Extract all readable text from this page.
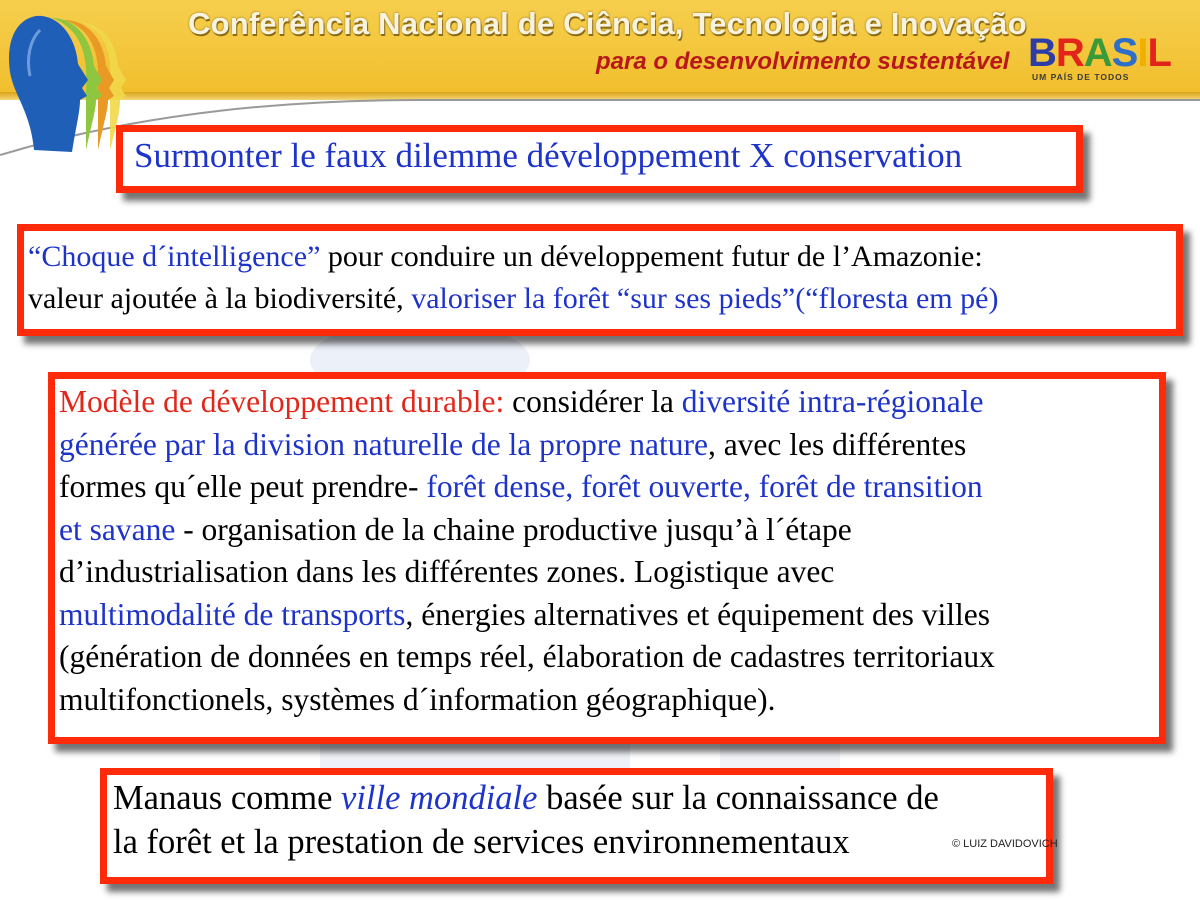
Conferência Nacional de Ciência, Tecnologia e Inovação
para o desenvolvimento sustentável BRASIL
UM PAÍS DE TODOS

Surmonter le faux dilemme développement X conservation

“Choque d´intelligence” pour conduire un développement futur de l’Amazonie:

valeur ajoutée à la biodiversité, valoriser la forêt “sur ses pieds”(“floresta em pé)

Modèle de développement durable: considérer la diversité intra-régionale

générée par la division naturelle de la propre nature, avec les différentes

formes qu´elle peut prendre- forêt dense, forêt ouverte, forêt de transition

et savane - organisation de la chaine productive jusqu’à l´étape

d’industrialisation dans les différentes zones. Logistique avec

multimodalité de transports, énergies alternatives et équipement des villes

(génération de données en temps réel, élaboration de cadastres territoriaux

multifonctionels, systèmes d´information géographique).

Manaus comme ville mondiale basée sur la connaissance de

la forêt et la prestation de services environnementaux	© LUIZ DAVIDOVICH
